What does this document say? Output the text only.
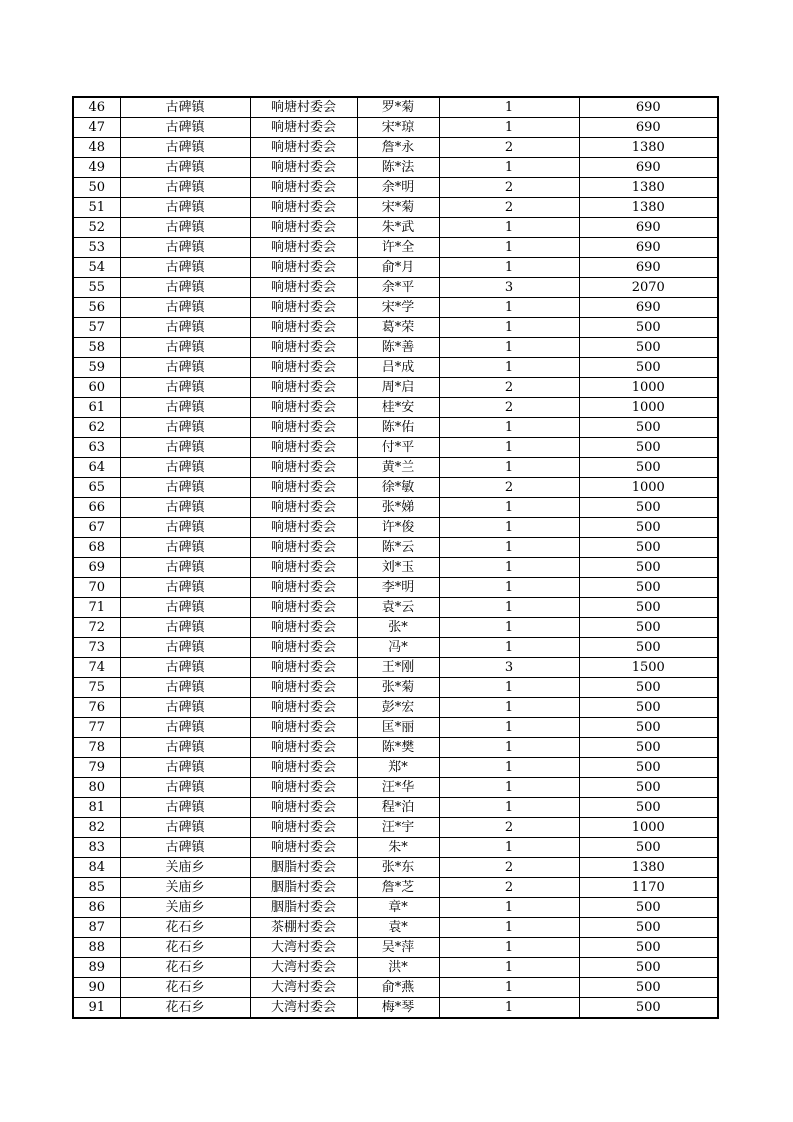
46	古碑镇	响塘村委会	罗*菊	1	690
47	古碑镇	响塘村委会	宋*琼	1	690
48	古碑镇	响塘村委会	詹*永	2	1380
49	古碑镇	响塘村委会	陈*法	1	690
50	古碑镇	响塘村委会	余*明	2	1380
51	古碑镇	响塘村委会	宋*菊	2	1380
52	古碑镇	响塘村委会	朱*武	1	690
53	古碑镇	响塘村委会	许*全	1	690
54	古碑镇	响塘村委会	俞*月	1	690
55	古碑镇	响塘村委会	余*平	3	2070
56	古碑镇	响塘村委会	宋*学	1	690
57	古碑镇	响塘村委会	葛*荣	1	500
58	古碑镇	响塘村委会	陈*善	1	500
59	古碑镇	响塘村委会	吕*成	1	500
60	古碑镇	响塘村委会	周*启	2	1000
61	古碑镇	响塘村委会	桂*安	2	1000
62	古碑镇	响塘村委会	陈*佑	1	500
63	古碑镇	响塘村委会	付*平	1	500
64	古碑镇	响塘村委会	黄*兰	1	500
65	古碑镇	响塘村委会	徐*敏	2	1000
66	古碑镇	响塘村委会	张*娣	1	500
67	古碑镇	响塘村委会	许*俊	1	500
68	古碑镇	响塘村委会	陈*云	1	500
69	古碑镇	响塘村委会	刘*玉	1	500
70	古碑镇	响塘村委会	李*明	1	500
71	古碑镇	响塘村委会	袁*云	1	500
72	古碑镇	响塘村委会	张*	1	500
73	古碑镇	响塘村委会	冯*	1	500
74	古碑镇	响塘村委会	王*刚	3	1500
75	古碑镇	响塘村委会	张*菊	1	500
76	古碑镇	响塘村委会	彭*宏	1	500
77	古碑镇	响塘村委会	匡*丽	1	500
78	古碑镇	响塘村委会	陈*樊	1	500
79	古碑镇	响塘村委会	郑*	1	500
80	古碑镇	响塘村委会	汪*华	1	500
81	古碑镇	响塘村委会	程*泊	1	500
82	古碑镇	响塘村委会	汪*宇	2	1000
83	古碑镇	响塘村委会	朱*	1	500
84	关庙乡	胭脂村委会	张*东	2	1380
85	关庙乡	胭脂村委会	詹*芝	2	1170
86	关庙乡	胭脂村委会	章*	1	500
87	花石乡	茶棚村委会	袁*	1	500
88	花石乡	大湾村委会	吴*萍	1	500
89	花石乡	大湾村委会	洪*	1	500
90	花石乡	大湾村委会	俞*燕	1	500
91	花石乡	大湾村委会	梅*琴	1	500
